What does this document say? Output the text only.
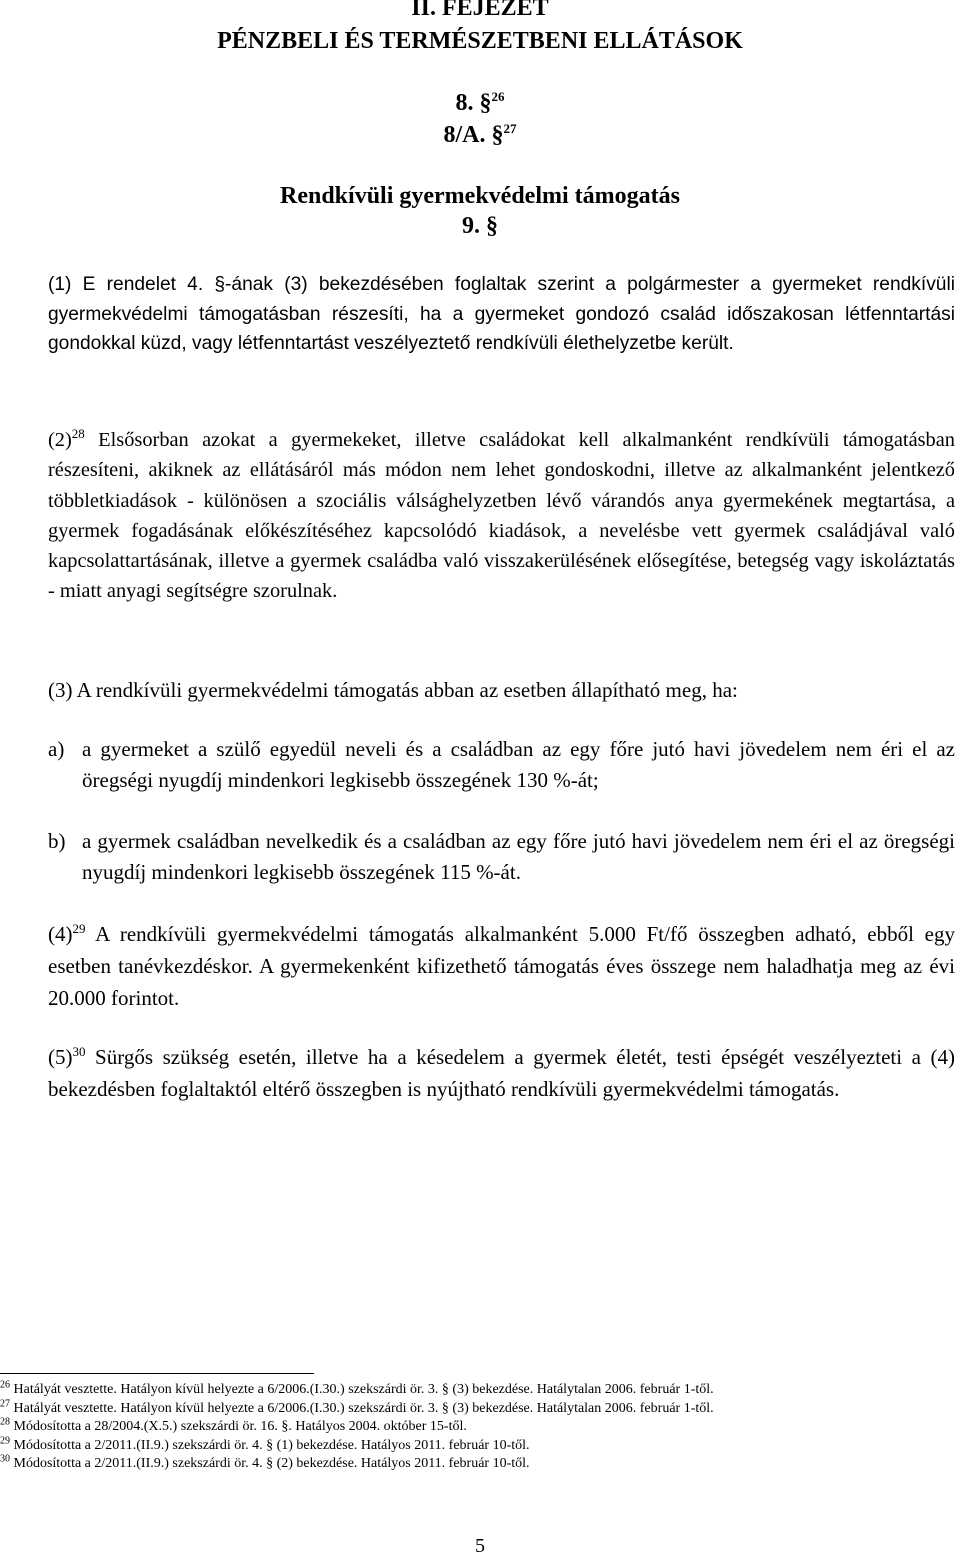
II. FEJEZET
PÉNZBELI ÉS TERMÉSZETBENI ELLÁTÁSOK
8. §$^{26}$
8/A. §$^{27}$
Rendkívüli gyermekvédelmi támogatás
9. §
(1) E rendelet 4. §-ának (3) bekezdésében foglaltak szerint a polgármester a gyermeket rendkívüli gyermekvédelmi támogatásban részesíti, ha a gyermeket gondozó család időszakosan létfenntartási gondokkal küzd, vagy létfenntartást veszélyeztető rendkívüli élethelyzetbe került.
$(2)^{28}$ Elsősorban azokat a gyermekeket, illetve családokat kell alkalmanként rendkívüli támogatásban részesíteni, akiknek az ellátásáról más módon nem lehet gondoskodni, illetve az alkalmanként jelentkező többletkiadások - különösen a szociális válsághelyzetben lévő várandós anya gyermekének megtartása, a gyermek fogadásának előkészítéséhez kapcsolódó kiadások, a nevelésbe vett gyermek családjával való kapcsolattartásának, illetve a gyermek családba való visszakerülésének elősegítése, betegség vagy iskoláztatás - miatt anyagi segítségre szorulnak.
(3) A rendkívüli gyermekvédelmi támogatás abban az esetben állapítható meg, ha:
a) a gyermeket a szülő egyedül neveli és a családban az egy főre jutó havi jövedelem nem éri el az öregségi nyugdíj mindenkori legkisebb összegének 130 %-át;
b) a gyermek családban nevelkedik és a családban az egy főre jutó havi jövedelem nem éri el az öregségi nyugdíj mindenkori legkisebb összegének 115 %-át.
$(4)^{29}$ A rendkívüli gyermekvédelmi támogatás alkalmanként 5.000 Ft/fő összegben adható, ebből egy esetben tanévkezdéskor. A gyermekenként kifizethető támogatás éves összege nem haladhatja meg az évi 20.000 forintot.
$(5)^{30}$ Sürgős szükség esetén, illetve ha a késedelem a gyermek életét, testi épségét veszélyezteti a (4) bekezdésben foglaltaktól eltérő összegben is nyújtható rendkívüli gyermekvédelmi támogatás.
$^{26}$ Hatályát vesztette. Hatályon kívül helyezte a 6/2006.(I.30.) szekszárdi ör. 3. § (3) bekezdése. Hatálytalan 2006. február 1-től.
$^{27}$ Hatályát vesztette. Hatályon kívül helyezte a 6/2006.(I.30.) szekszárdi ör. 3. § (3) bekezdése. Hatálytalan 2006. február 1-től.
$^{28}$ Módosította a 28/2004.(X.5.) szekszárdi ör. 16. §. Hatályos 2004. október 15-től.
$^{29}$ Módosította a 2/2011.(II.9.) szekszárdi ör. 4. § (1) bekezdése. Hatályos 2011. február 10-től.
$^{30}$ Módosította a 2/2011.(II.9.) szekszárdi ör. 4. § (2) bekezdése. Hatályos 2011. február 10-től.
5
